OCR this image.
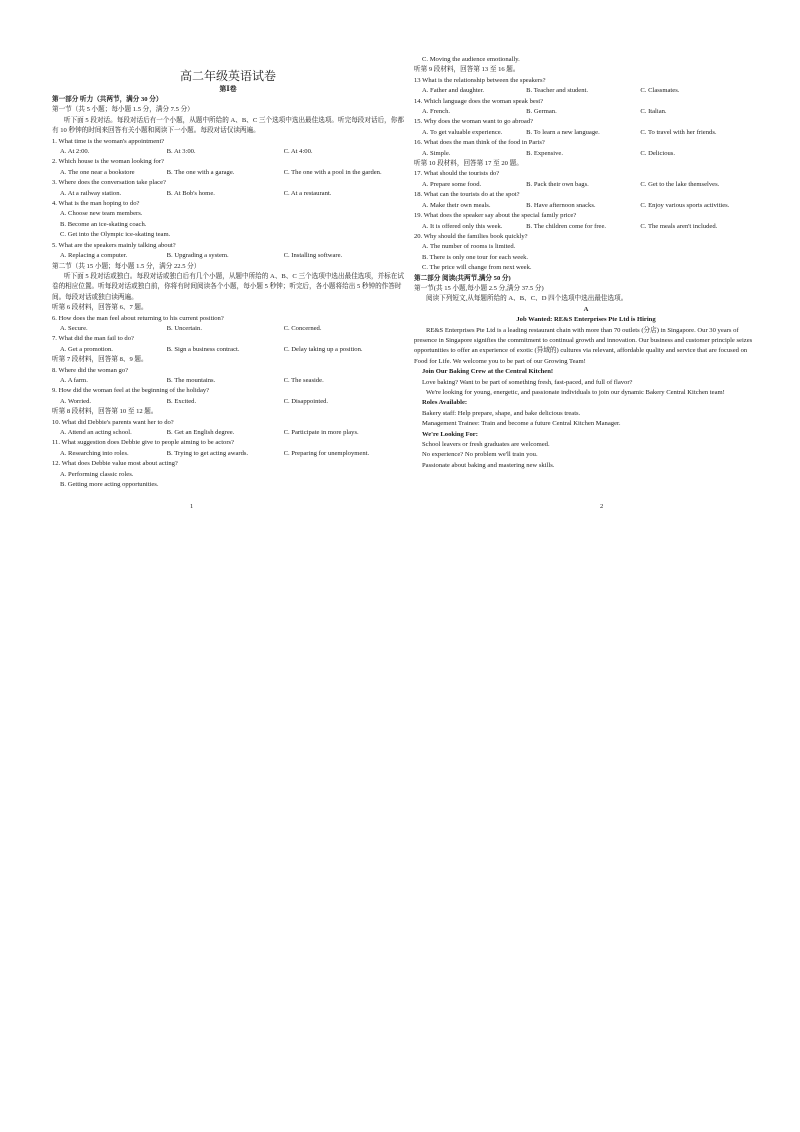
高二年级英语试卷
第Ⅰ卷
第一部分 听力（共两节，满分 30 分）
第一节（共 5 小题；每小题 1.5 分，满分 7.5 分）
听下面 5 段对话。每段对话后有一个小题，从题中所给的 A、B、C 三个选项中选出最佳选项。听完每段对话后，你都有 10 秒钟的时间来回答有关小题和阅读下一小题。每段对话仅读两遍。
1. What time is the woman's appointment?
A. At 2:00.	B. At 3:00.	C. At 4:00.
2. Which house is the woman looking for?
A. The one near a bookstore	B. The one with a garage.	C. The one with a pool in the garden.
3. Where does the conversation take place?
A. At a railway station.	B. At Bob's home.	C. At a restaurant.
4. What is the man hoping to do?
A. Choose new team members.
B. Become an ice-skating coach.
C. Get into the Olympic ice-skating team.
5. What are the speakers mainly talking about?
A. Replacing a computer.	B. Upgrading a system.	C. Installing software.
第二节（共 15 小题；每小题 1.5 分，满分 22.5 分）
听下面 5 段对话或独白。每段对话或独白后有几个小题，从题中所给的 A、B、C 三个选项中选出最佳选项，并标在试卷的相应位置。听每段对话或独白前，你将有时间阅读各个小题，每小题 5 秒钟；听完后，各小题将给出 5 秒钟的作答时间。每段对话或独白读两遍。
听第 6 段材料，回答第 6、7 题。
6. How does the man feel about returning to his current position?
A. Secure.	B. Uncertain.	C. Concerned.
7. What did the man fail to do?
A. Get a promotion.	B. Sign a business contract.	C. Delay taking up a position.
听第 7 段材料，回答第 8、9 题。
8. Where did the woman go?
A. A farm.	B. The mountains.	C. The seaside.
9. How did the woman feel at the beginning of the holiday?
A. Worried.	B. Excited.	C. Disappointed.
听第 8 段材料，回答第 10 至 12 题。
10. What did Debbie's parents want her to do?
A. Attend an acting school.	B. Get an English degree.	C. Participate in more plays.
11. What suggestion does Debbie give to people aiming to be actors?
A. Researching into roles.	B. Trying to get acting awards.	C. Preparing for unemployment.
12. What does Debbie value most about acting?
A. Performing classic roles.
B. Getting more acting opportunities.
1
C. Moving the audience emotionally.
听第 9 段材料，回答第 13 至 16 题。
13 What is the relationship between the speakers?
A. Father and daughter.	B. Teacher and student.	C. Classmates.
14. Which language does the woman speak best?
A. French.	B. German.	C. Italian.
15. Why does the woman want to go abroad?
A. To get valuable experience.	B. To learn a new language.	C. To travel with her friends.
16. What does the man think of the food in Paris?
A. Simple.	B. Expensive.	C. Delicious.
听第 10 段材料，回答第 17 至 20 题。
17. What should the tourists do?
A. Prepare some food.	B. Pack their own bags.	C. Get to the lake themselves.
18. What can the tourists do at the spot?
A. Make their own meals.	B. Have afternoon snacks.	C. Enjoy various sports activities.
19. What does the speaker say about the special family price?
A. It is offered only this week.	B. The children come for free.	C. The meals aren't included.
20. Why should the families book quickly?
A. The number of rooms is limited.
B. There is only one tour for each week.
C. The price will change from next week.
第二部分 阅读(共两节,满分 50 分)
第一节(共 15 小题,每小题 2.5 分,满分 37.5 分)
阅读下列短文,从每题所给的 A、B、C、D 四个选项中选出最佳选项。
A
Job Wanted: RE&S Enterprises Pte Ltd is Hiring
RE&S Enterprises Pte Ltd is a leading restaurant chain with more than 70 outlets (分店) in Singapore. Our 30 years of presence in Singapore signifies the commitment to continual growth and innovation. Our business and customer principle seizes opportunities to offer an experience of exotic (异域的) cultures via relevant, affordable quality and service that are focused on Food for Life. We welcome you to be part of our Growing Team!
Join Our Baking Crew at the Central Kitchen!
Love baking? Want to be part of something fresh, fast-paced, and full of flavor?
We're looking for young, energetic, and passionate individuals to join our dynamic Bakery Central Kitchen team!
Roles Available:
Bakery staff: Help prepare, shape, and bake delicious treats.
Management Trainee: Train and become a future Central Kitchen Manager.
We're Looking For:
School leavers or fresh graduates are welcomed.
No experience? No problem we'll train you.
Passionate about baking and mastering new skills.
2
